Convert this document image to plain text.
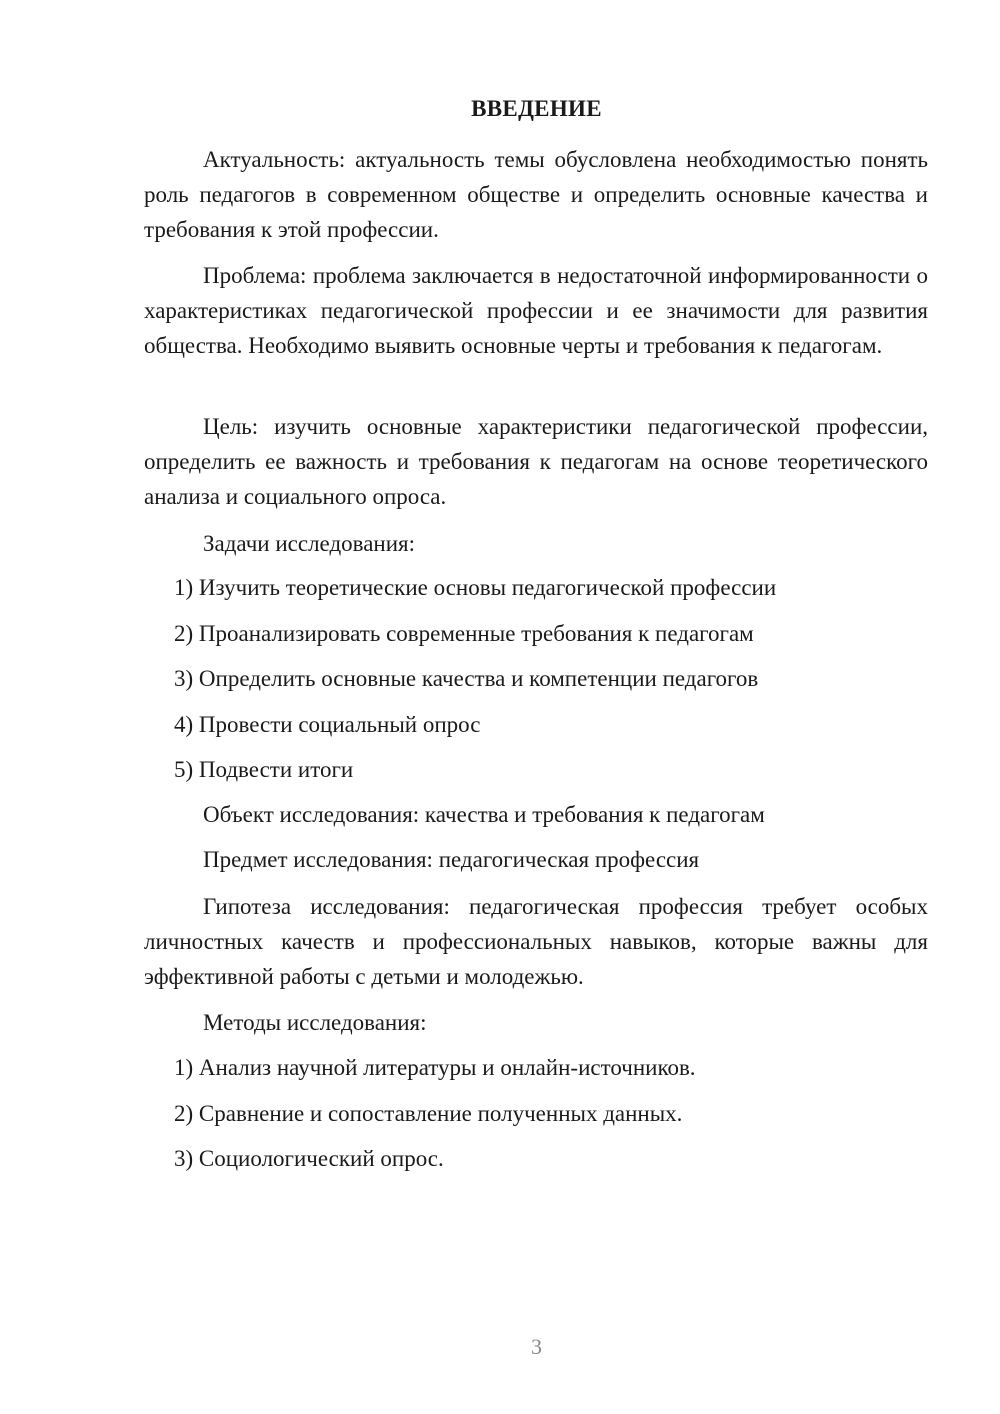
ВВЕДЕНИЕ

Актуальность: актуальность темы обусловлена необходимостью понять роль педагогов в современном обществе и определить основные качества и требования к этой профессии.

Проблема: проблема заключается в недостаточной информированности о характеристиках педагогической профессии и ее значимости для развития общества. Необходимо выявить основные черты и требования к педагогам.

Цель: изучить основные характеристики педагогической профессии, определить ее важность и требования к педагогам на основе теоретического анализа и социального опроса.

Задачи исследования:

1) Изучить теоретические основы педагогической профессии

2) Проанализировать современные требования к педагогам

3) Определить основные качества и компетенции педагогов

4) Провести социальный опрос

5) Подвести итоги

Объект исследования: качества и требования к педагогам

Предмет исследования: педагогическая профессия

Гипотеза исследования: педагогическая профессия требует особых личностных качеств и профессиональных навыков, которые важны для эффективной работы с детьми и молодежью.

Методы исследования:

1) Анализ научной литературы и онлайн-источников.

2) Сравнение и сопоставление полученных данных.

3) Социологический опрос.

3
